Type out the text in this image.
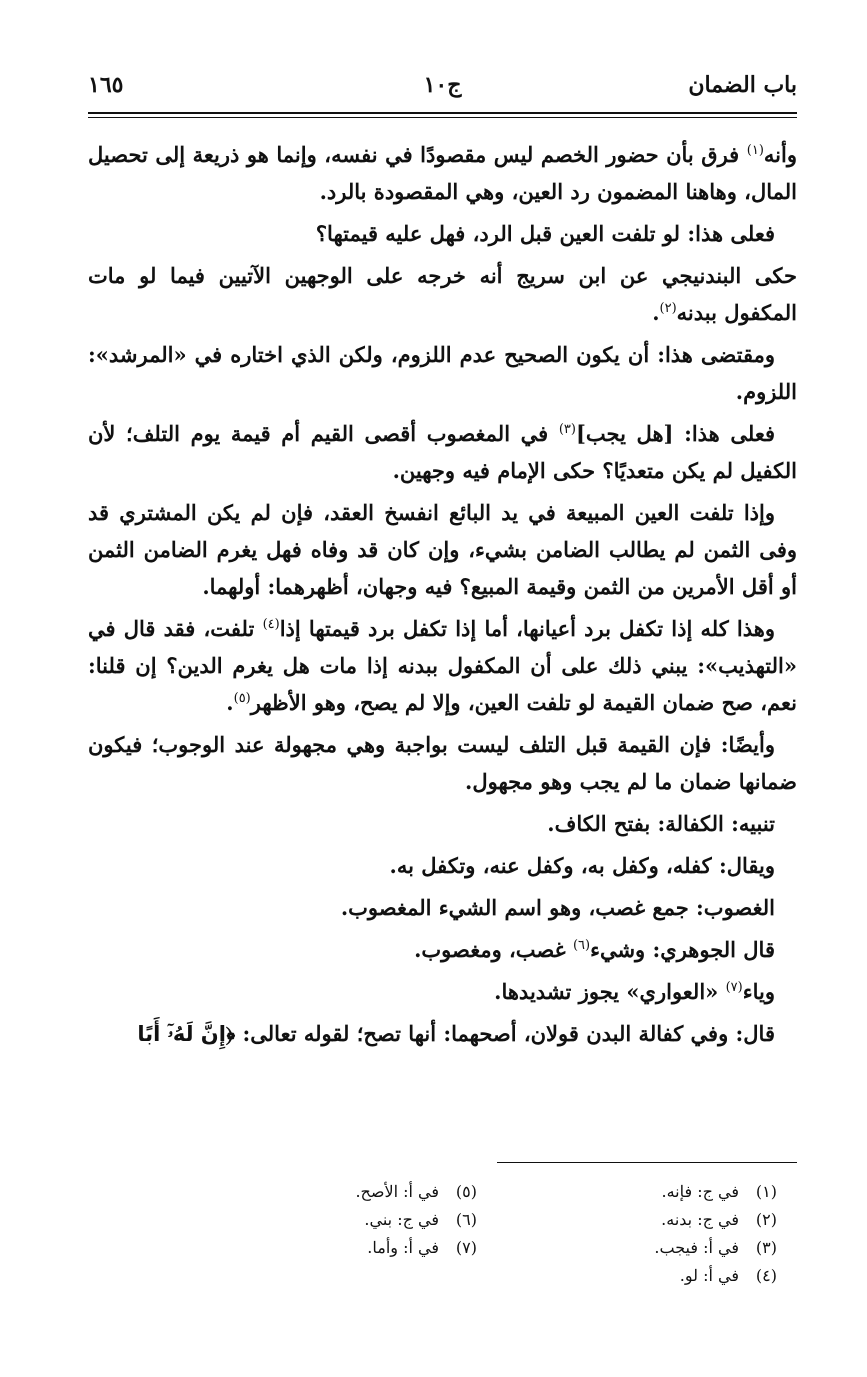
باب الضمان
ج١٠
١٦٥

وأنه$^{(١)}$ فرق بأن حضور الخصم ليس مقصودًا في نفسه، وإنما هو ذريعة إلى تحصيل المال، وهاهنا المضمون رد العين، وهي المقصودة بالرد.

فعلى هذا: لو تلفت العين قبل الرد، فهل عليه قيمتها؟

حكى البندنيجي عن ابن سريج أنه خرجه على الوجهين الآتيين فيما لو مات المكفول ببدنه$^{(٢)}$.

ومقتضى هذا: أن يكون الصحيح عدم اللزوم، ولكن الذي اختاره في «المرشد»: اللزوم.

فعلى هذا: [هل يجب]$^{(٣)}$ في المغصوب أقصى القيم أم قيمة يوم التلف؛ لأن الكفيل لم يكن متعديًا؟ حكى الإمام فيه وجهين.

وإذا تلفت العين المبيعة في يد البائع انفسخ العقد، فإن لم يكن المشتري قد وفى الثمن لم يطالب الضامن بشيء، وإن كان قد وفاه فهل يغرم الضامن الثمن أو أقل الأمرين من الثمن وقيمة المبيع؟ فيه وجهان، أظهرهما: أولهما.

وهذا كله إذا تكفل برد أعيانها، أما إذا تكفل برد قيمتها إذا$^{(٤)}$ تلفت، فقد قال في «التهذيب»: يبني ذلك على أن المكفول ببدنه إذا مات هل يغرم الدين؟ إن قلنا: نعم، صح ضمان القيمة لو تلفت العين، وإلا لم يصح، وهو الأظهر$^{(٥)}$.

وأيضًا: فإن القيمة قبل التلف ليست بواجبة وهي مجهولة عند الوجوب؛ فيكون ضمانها ضمان ما لم يجب وهو مجهول.

تنبيه: الكفالة: بفتح الكاف.

ويقال: كفله، وكفل به، وكفل عنه، وتكفل به.

الغصوب: جمع غصب، وهو اسم الشيء المغصوب.

قال الجوهري: وشيء$^{(٦)}$ غصب، ومغصوب.

وياء$^{(٧)}$ «العواري» يجوز تشديدها.

قال: وفي كفالة البدن قولان، أصحهما: أنها تصح؛ لقوله تعالى: ﴿إِنَّ لَهُۥٓ أَبًا

(١)في ج: فإنه.
(٢)في ج: بدنه.
(٣)في أ: فيجب.
(٤)في أ: لو.
(٥)في أ: الأصح.
(٦)في ج: بني.
(٧)في أ: وأما.
